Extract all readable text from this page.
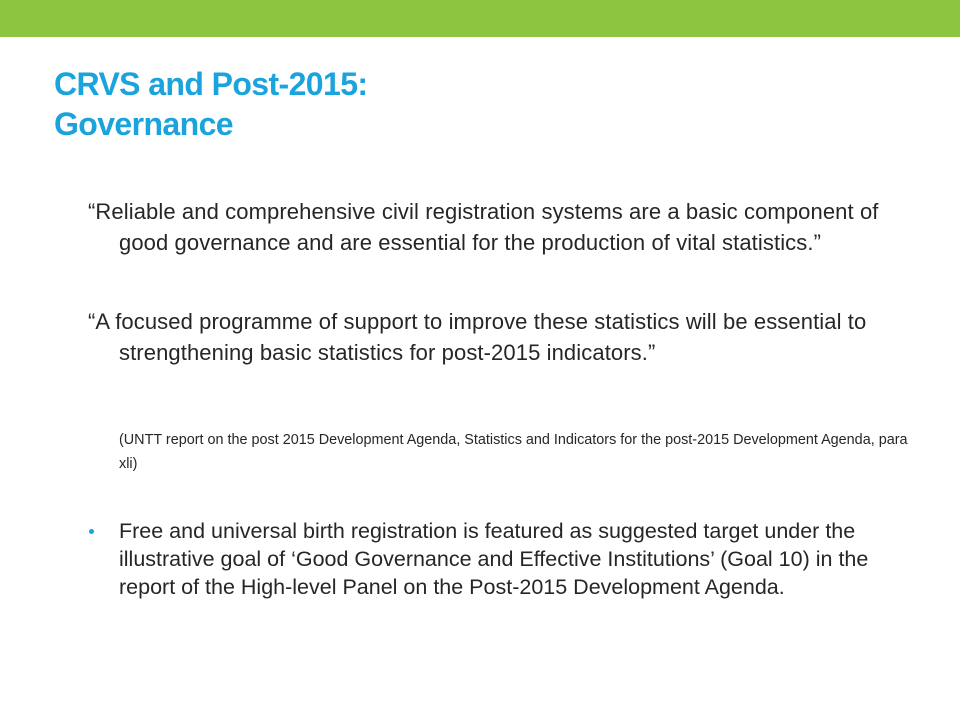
CRVS and Post-2015:
Governance

“Reliable and comprehensive civil registration systems are a basic component of good governance and are essential for the production of vital statistics.”

“A focused programme of support to improve these statistics will be essential to strengthening basic statistics for post-2015 indicators.”

(UNTT report on the post 2015 Development Agenda, Statistics and Indicators for the post-2015 Development Agenda, para xli)

Free and universal birth registration is featured as suggested target under the illustrative goal of ‘Good Governance and Effective Institutions’ (Goal 10) in the report of the High-level Panel on the Post-2015 Development Agenda.
